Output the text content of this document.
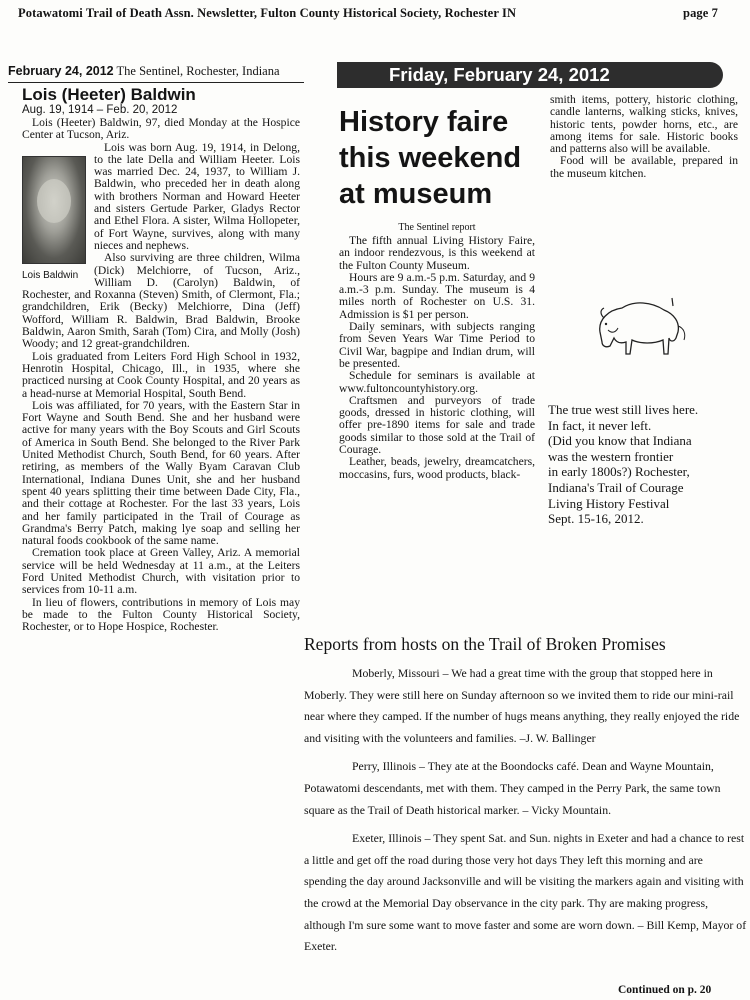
Potawatomi Trail of Death Assn. Newsletter, Fulton County Historical Society, Rochester IN	page 7
February 24, 2012 The Sentinel, Rochester, Indiana
Lois (Heeter) Baldwin
Aug. 19, 1914 – Feb. 20, 2012

Lois (Heeter) Baldwin, 97, died Monday at the Hospice Center at Tucson, Ariz.

Lois Baldwin

Lois was born Aug. 19, 1914, in Delong, to the late Della and William Heeter. Lois was married Dec. 24, 1937, to William J. Baldwin, who preceded her in death along with brothers Norman and Howard Heeter and sisters Gertude Parker, Gladys Rector and Ethel Flora. A sister, Wilma Hollopeter, of Fort Wayne, survives, along with many nieces and nephews.

Also surviving are three children, Wilma (Dick) Melchiorre, of Tucson, Ariz., William D. (Carolyn) Baldwin, of Rochester, and Roxanna (Steven) Smith, of Clermont, Fla.; grandchildren, Erik (Becky) Melchiorre, Dina (Jeff) Wofford, William R. Baldwin, Brad Baldwin, Brooke Baldwin, Aaron Smith, Sarah (Tom) Cira, and Molly (Josh) Woody; and 12 great-grandchildren.

Lois graduated from Leiters Ford High School in 1932, Henrotin Hospital, Chicago, Ill., in 1935, where she practiced nursing at Cook County Hospital, and 20 years as a head-nurse at Memorial Hospital, South Bend.

Lois was affiliated, for 70 years, with the Eastern Star in Fort Wayne and South Bend. She and her husband were active for many years with the Boy Scouts and Girl Scouts of America in South Bend. She belonged to the River Park United Methodist Church, South Bend, for 60 years. After retiring, as members of the Wally Byam Caravan Club International, Indiana Dunes Unit, she and her husband spent 40 years splitting their time between Dade City, Fla., and their cottage at Rochester. For the last 33 years, Lois and her family participated in the Trail of Courage as Grandma's Berry Patch, making lye soap and selling her natural foods cookbook of the same name.

Cremation took place at Green Valley, Ariz. A memorial service will be held Wednesday at 11 a.m., at the Leiters Ford United Methodist Church, with visitation prior to services from 10-11 a.m.

In lieu of flowers, contributions in memory of Lois may be made to the Fulton County Historical Society, Rochester, or to Hope Hospice, Rochester.

Friday, February 24, 2012
History faire this weekend at museum
The Sentinel report

The fifth annual Living History Faire, an indoor rendezvous, is this weekend at the Fulton County Museum.

Hours are 9 a.m.-5 p.m. Saturday, and 9 a.m.-3 p.m. Sunday. The museum is 4 miles north of Rochester on U.S. 31. Admission is $1 per person.

Daily seminars, with subjects ranging from Seven Years War Time Period to Civil War, bagpipe and Indian drum, will be presented.

Schedule for seminars is available at www.fultoncountyhistory.org.

Craftsmen and purveyors of trade goods, dressed in historic clothing, will offer pre-1890 items for sale and trade goods similar to those sold at the Trail of Courage.

Leather, beads, jewelry, dreamcatchers, moccasins, furs, wood products, black-

smith items, pottery, historic clothing, candle lanterns, walking sticks, knives, historic tents, powder horns, etc., are among items for sale. Historic books and patterns also will be available.

Food will be available, prepared in the museum kitchen.

The true west still lives here.
In fact, it never left.
(Did you know that Indiana
was the western frontier
in early 1800s?) Rochester,
Indiana's Trail of Courage
Living History Festival
Sept. 15-16, 2012.
Reports from hosts on the Trail of Broken Promises

Moberly, Missouri – We had a great time with the group that stopped here in Moberly. They were still here on Sunday afternoon so we invited them to ride our mini-rail near where they camped. If the number of hugs means anything, they really enjoyed the ride and visiting with the volunteers and families. –J. W. Ballinger

Perry, Illinois – They ate at the Boondocks café. Dean and Wayne Mountain, Potawatomi descendants, met with them. They camped in the Perry Park, the same town square as the Trail of Death historical marker. – Vicky Mountain.

Exeter, Illinois – They spent Sat. and Sun. nights in Exeter and had a chance to rest a little and get off the road during those very hot days They left this morning and are spending the day around Jacksonville and will be visiting the markers again and visiting with the crowd at the Memorial Day observance in the city park. Thy are making progress, although I'm sure some want to move faster and some are worn down. – Bill Kemp, Mayor of Exeter.

Continued on p. 20
